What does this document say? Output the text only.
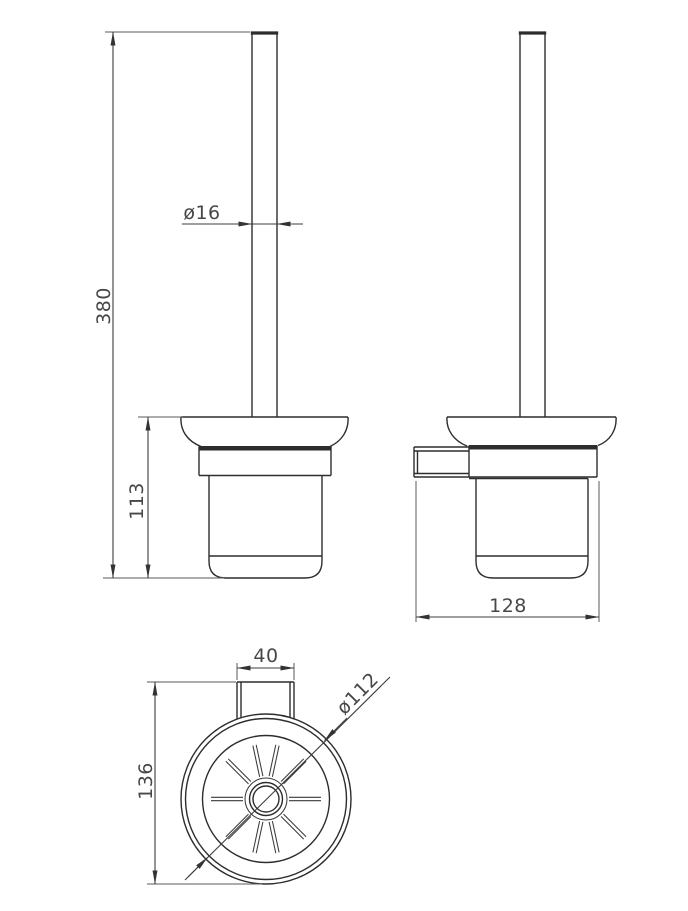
380
113
ø16
128
40
136
ø112
